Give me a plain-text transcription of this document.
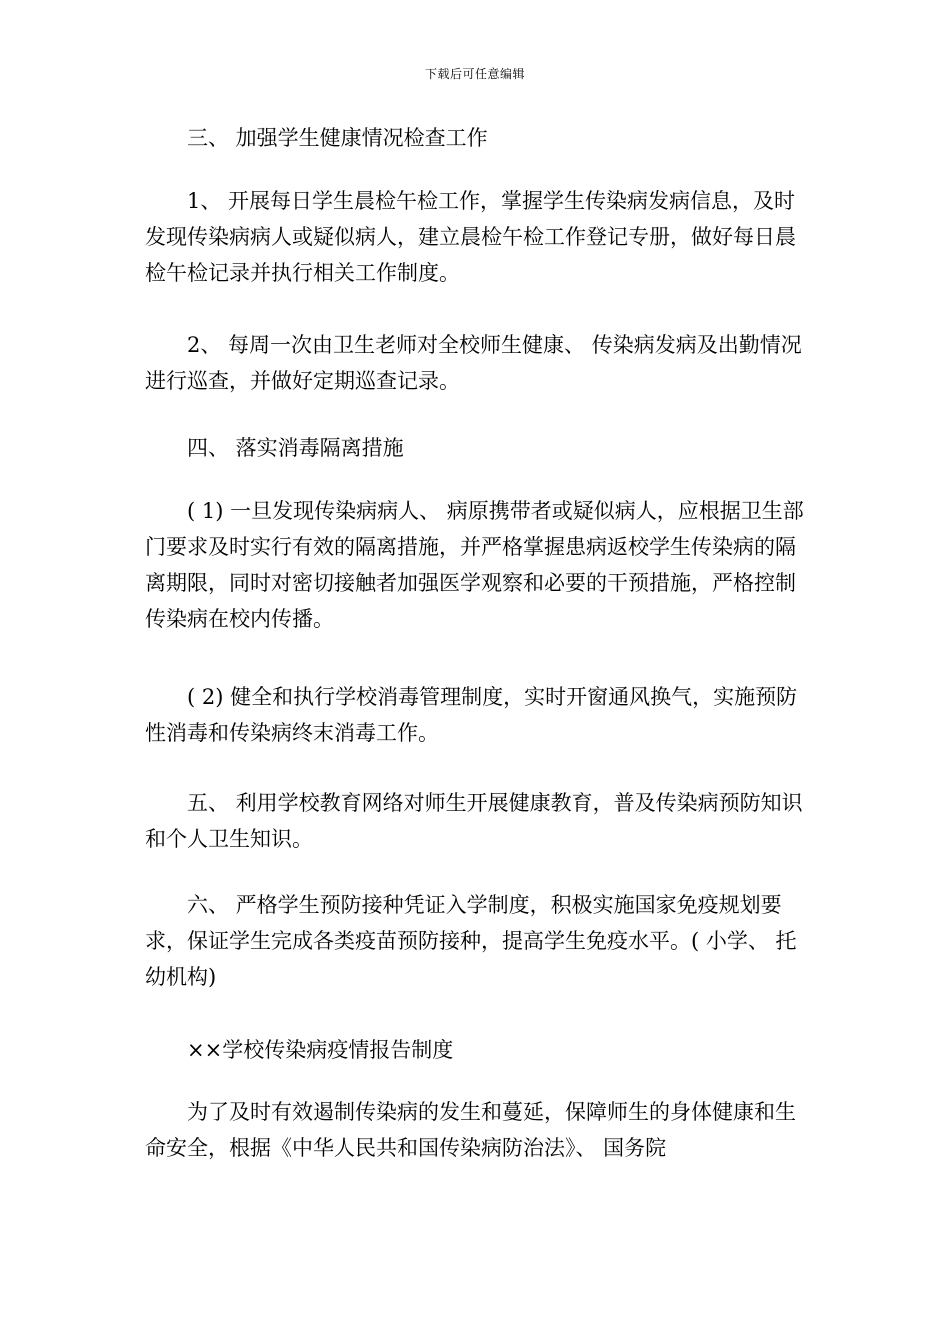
下载后可任意编辑

三、 加强学生健康情况检查工作

1、 开展每日学生晨检午检工作，掌握学生传染病发病信息，及时发现传染病病人或疑似病人，建立晨检午检工作登记专册，做好每日晨检午检记录并执行相关工作制度。

2、 每周一次由卫生老师对全校师生健康、 传染病发病及出勤情况进行巡查，并做好定期巡查记录。

四、 落实消毒隔离措施

( 1) 一旦发现传染病病人、 病原携带者或疑似病人，应根据卫生部门要求及时实行有效的隔离措施，并严格掌握患病返校学生传染病的隔离期限，同时对密切接触者加强医学观察和必要的干预措施，严格控制传染病在校内传播。

( 2) 健全和执行学校消毒管理制度，实时开窗通风换气，实施预防性消毒和传染病终末消毒工作。

五、 利用学校教育网络对师生开展健康教育，普及传染病预防知识和个人卫生知识。

六、 严格学生预防接种凭证入学制度，积极实施国家免疫规划要求，保证学生完成各类疫苗预防接种，提高学生免疫水平。( 小学、 托幼机构)

××学校传染病疫情报告制度

为了及时有效遏制传染病的发生和蔓延，保障师生的身体健康和生命安全，根据《中华人民共和国传染病防治法》、 国务院
